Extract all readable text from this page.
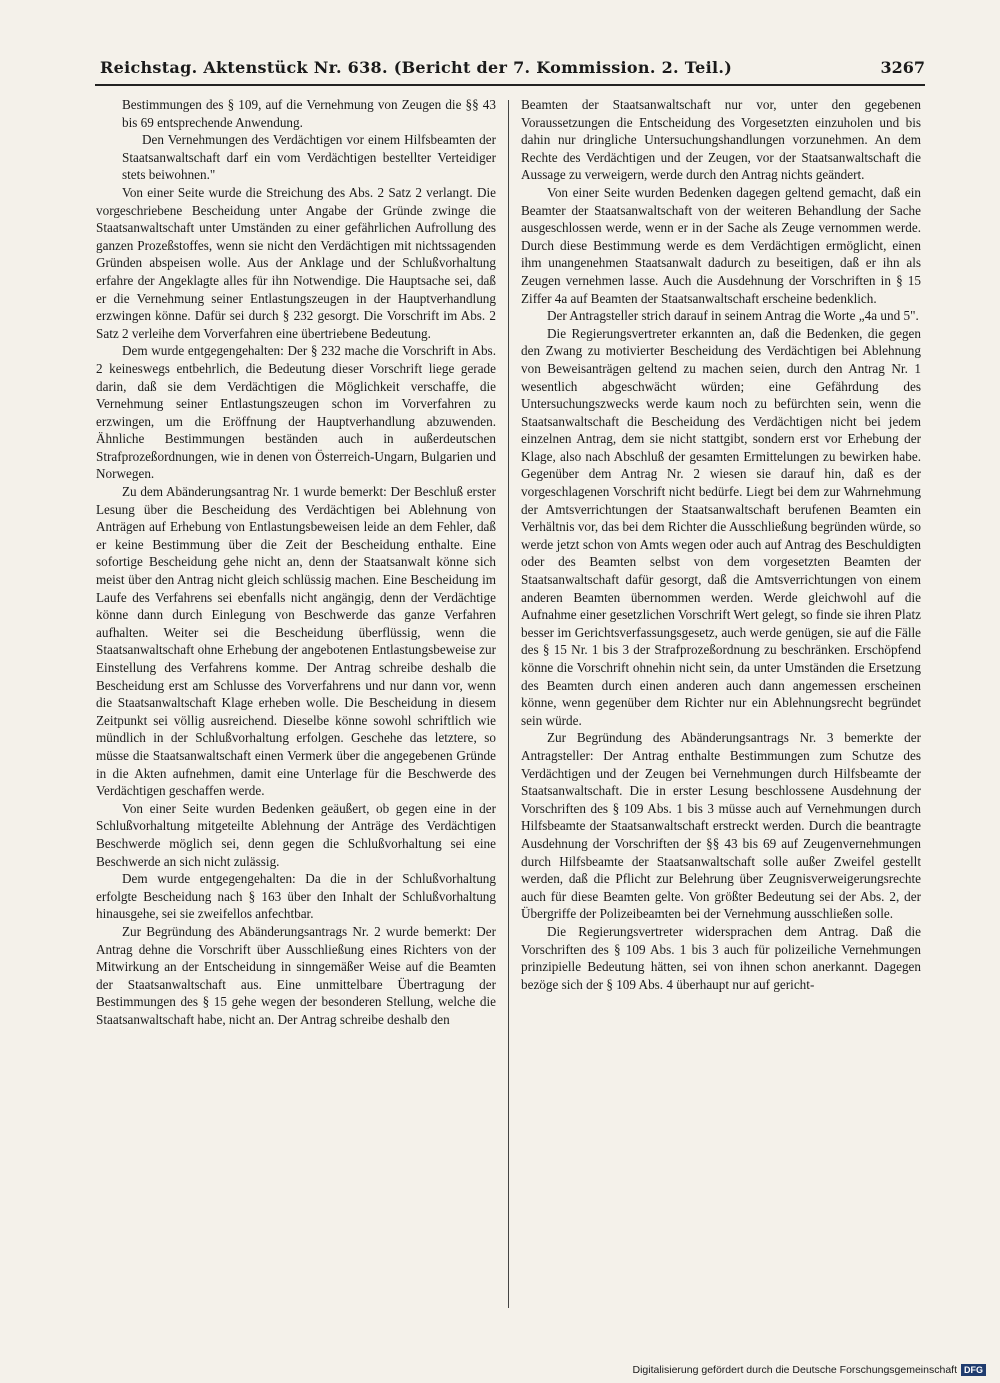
Reichstag. Aktenstück Nr. 638. (Bericht der 7. Kommission. 2. Teil.)	3267

Bestimmungen des § 109, auf die Vernehmung von Zeugen die §§ 43 bis 69 entsprechende Anwendung.

Den Vernehmungen des Verdächtigen vor einem Hilfsbeamten der Staatsanwaltschaft darf ein vom Verdächtigen bestellter Verteidiger stets beiwohnen."

Von einer Seite wurde die Streichung des Abs. 2 Satz 2 verlangt. Die vorgeschriebene Bescheidung unter Angabe der Gründe zwinge die Staatsanwaltschaft unter Umständen zu einer gefährlichen Aufrollung des ganzen Prozeßstoffes, wenn sie nicht den Verdächtigen mit nichtssagenden Gründen abspeisen wolle. Aus der Anklage und der Schlußvorhaltung erfahre der Angeklagte alles für ihn Notwendige. Die Hauptsache sei, daß er die Vernehmung seiner Entlastungszeugen in der Hauptverhandlung erzwingen könne. Dafür sei durch § 232 gesorgt. Die Vorschrift im Abs. 2 Satz 2 verleihe dem Vorverfahren eine übertriebene Bedeutung.

Dem wurde entgegengehalten: Der § 232 mache die Vorschrift in Abs. 2 keineswegs entbehrlich, die Bedeutung dieser Vorschrift liege gerade darin, daß sie dem Verdächtigen die Möglichkeit verschaffe, die Vernehmung seiner Entlastungszeugen schon im Vorverfahren zu erzwingen, um die Eröffnung der Hauptverhandlung abzuwenden. Ähnliche Bestimmungen beständen auch in außerdeutschen Strafprozeßordnungen, wie in denen von Österreich-Ungarn, Bulgarien und Norwegen.

Zu dem Abänderungsantrag Nr. 1 wurde bemerkt: Der Beschluß erster Lesung über die Bescheidung des Verdächtigen bei Ablehnung von Anträgen auf Erhebung von Entlastungsbeweisen leide an dem Fehler, daß er keine Bestimmung über die Zeit der Bescheidung enthalte. Eine sofortige Bescheidung gehe nicht an, denn der Staatsanwalt könne sich meist über den Antrag nicht gleich schlüssig machen. Eine Bescheidung im Laufe des Verfahrens sei ebenfalls nicht angängig, denn der Verdächtige könne dann durch Einlegung von Beschwerde das ganze Verfahren aufhalten. Weiter sei die Bescheidung überflüssig, wenn die Staatsanwaltschaft ohne Erhebung der angebotenen Entlastungsbeweise zur Einstellung des Verfahrens komme. Der Antrag schreibe deshalb die Bescheidung erst am Schlusse des Vorverfahrens und nur dann vor, wenn die Staatsanwaltschaft Klage erheben wolle. Die Bescheidung in diesem Zeitpunkt sei völlig ausreichend. Dieselbe könne sowohl schriftlich wie mündlich in der Schlußvorhaltung erfolgen. Geschehe das letztere, so müsse die Staatsanwaltschaft einen Vermerk über die angegebenen Gründe in die Akten aufnehmen, damit eine Unterlage für die Beschwerde des Verdächtigen geschaffen werde.

Von einer Seite wurden Bedenken geäußert, ob gegen eine in der Schlußvorhaltung mitgeteilte Ablehnung der Anträge des Verdächtigen Beschwerde möglich sei, denn gegen die Schlußvorhaltung sei eine Beschwerde an sich nicht zulässig.

Dem wurde entgegengehalten: Da die in der Schlußvorhaltung erfolgte Bescheidung nach § 163 über den Inhalt der Schlußvorhaltung hinausgehe, sei sie zweifellos anfechtbar.

Zur Begründung des Abänderungsantrags Nr. 2 wurde bemerkt: Der Antrag dehne die Vorschrift über Ausschließung eines Richters von der Mitwirkung an der Entscheidung in sinngemäßer Weise auf die Beamten der Staatsanwaltschaft aus. Eine unmittelbare Übertragung der Bestimmungen des § 15 gehe wegen der besonderen Stellung, welche die Staatsanwaltschaft habe, nicht an. Der Antrag schreibe deshalb den

Beamten der Staatsanwaltschaft nur vor, unter den gegebenen Voraussetzungen die Entscheidung des Vorgesetzten einzuholen und bis dahin nur dringliche Untersuchungshandlungen vorzunehmen. An dem Rechte des Verdächtigen und der Zeugen, vor der Staatsanwaltschaft die Aussage zu verweigern, werde durch den Antrag nichts geändert.

Von einer Seite wurden Bedenken dagegen geltend gemacht, daß ein Beamter der Staatsanwaltschaft von der weiteren Behandlung der Sache ausgeschlossen werde, wenn er in der Sache als Zeuge vernommen werde. Durch diese Bestimmung werde es dem Verdächtigen ermöglicht, einen ihm unangenehmen Staatsanwalt dadurch zu beseitigen, daß er ihn als Zeugen vernehmen lasse. Auch die Ausdehnung der Vorschriften in § 15 Ziffer 4a auf Beamten der Staatsanwaltschaft erscheine bedenklich.

Der Antragsteller strich darauf in seinem Antrag die Worte „4a und 5".

Die Regierungsvertreter erkannten an, daß die Bedenken, die gegen den Zwang zu motivierter Bescheidung des Verdächtigen bei Ablehnung von Beweisanträgen geltend zu machen seien, durch den Antrag Nr. 1 wesentlich abgeschwächt würden; eine Gefährdung des Untersuchungszwecks werde kaum noch zu befürchten sein, wenn die Staatsanwaltschaft die Bescheidung des Verdächtigen nicht bei jedem einzelnen Antrag, dem sie nicht stattgibt, sondern erst vor Erhebung der Klage, also nach Abschluß der gesamten Ermittelungen zu bewirken habe. Gegenüber dem Antrag Nr. 2 wiesen sie darauf hin, daß es der vorgeschlagenen Vorschrift nicht bedürfe. Liegt bei dem zur Wahrnehmung der Amtsverrichtungen der Staatsanwaltschaft berufenen Beamten ein Verhältnis vor, das bei dem Richter die Ausschließung begründen würde, so werde jetzt schon von Amts wegen oder auch auf Antrag des Beschuldigten oder des Beamten selbst von dem vorgesetzten Beamten der Staatsanwaltschaft dafür gesorgt, daß die Amtsverrichtungen von einem anderen Beamten übernommen werden. Werde gleichwohl auf die Aufnahme einer gesetzlichen Vorschrift Wert gelegt, so finde sie ihren Platz besser im Gerichtsverfassungsgesetz, auch werde genügen, sie auf die Fälle des § 15 Nr. 1 bis 3 der Strafprozeßordnung zu beschränken. Erschöpfend könne die Vorschrift ohnehin nicht sein, da unter Umständen die Ersetzung des Beamten durch einen anderen auch dann angemessen erscheinen könne, wenn gegenüber dem Richter nur ein Ablehnungsrecht begründet sein würde.

Zur Begründung des Abänderungsantrags Nr. 3 bemerkte der Antragsteller: Der Antrag enthalte Bestimmungen zum Schutze des Verdächtigen und der Zeugen bei Vernehmungen durch Hilfsbeamte der Staatsanwaltschaft. Die in erster Lesung beschlossene Ausdehnung der Vorschriften des § 109 Abs. 1 bis 3 müsse auch auf Vernehmungen durch Hilfsbeamte der Staatsanwaltschaft erstreckt werden. Durch die beantragte Ausdehnung der Vorschriften der §§ 43 bis 69 auf Zeugenvernehmungen durch Hilfsbeamte der Staatsanwaltschaft solle außer Zweifel gestellt werden, daß die Pflicht zur Belehrung über Zeugnisverweigerungsrechte auch für diese Beamten gelte. Von größter Bedeutung sei der Abs. 2, der Übergriffe der Polizeibeamten bei der Vernehmung ausschließen solle.

Die Regierungsvertreter widersprachen dem Antrag. Daß die Vorschriften des § 109 Abs. 1 bis 3 auch für polizeiliche Vernehmungen prinzipielle Bedeutung hätten, sei von ihnen schon anerkannt. Dagegen bezöge sich der § 109 Abs. 4 überhaupt nur auf gericht-

Digitalisierung gefördert durch die Deutsche Forschungsgemeinschaft DFG
